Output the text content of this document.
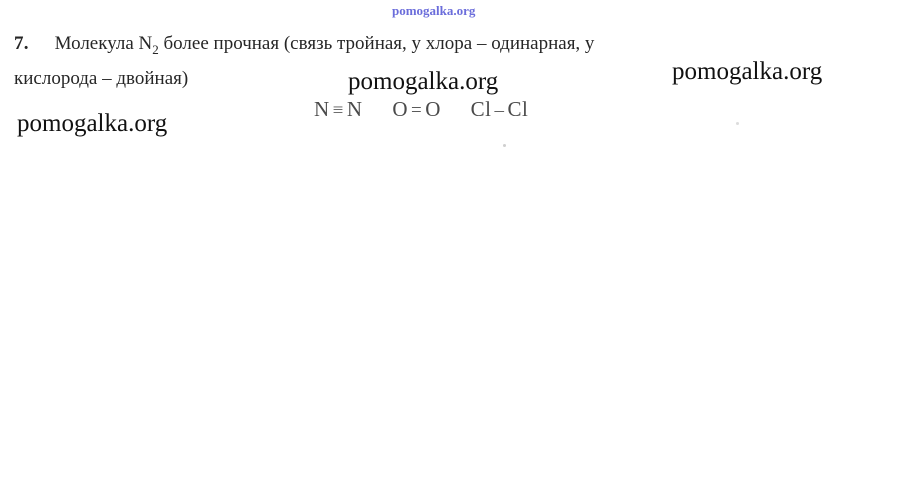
7. Молекула $N_2$ более прочная (связь тройная, у хлора – одинарная, у
кислорода – двойная)
N ≡ N O = O Cl – Cl
pomogalka.org
pomogalka.org	pomogalka.org
pomogalka.org
